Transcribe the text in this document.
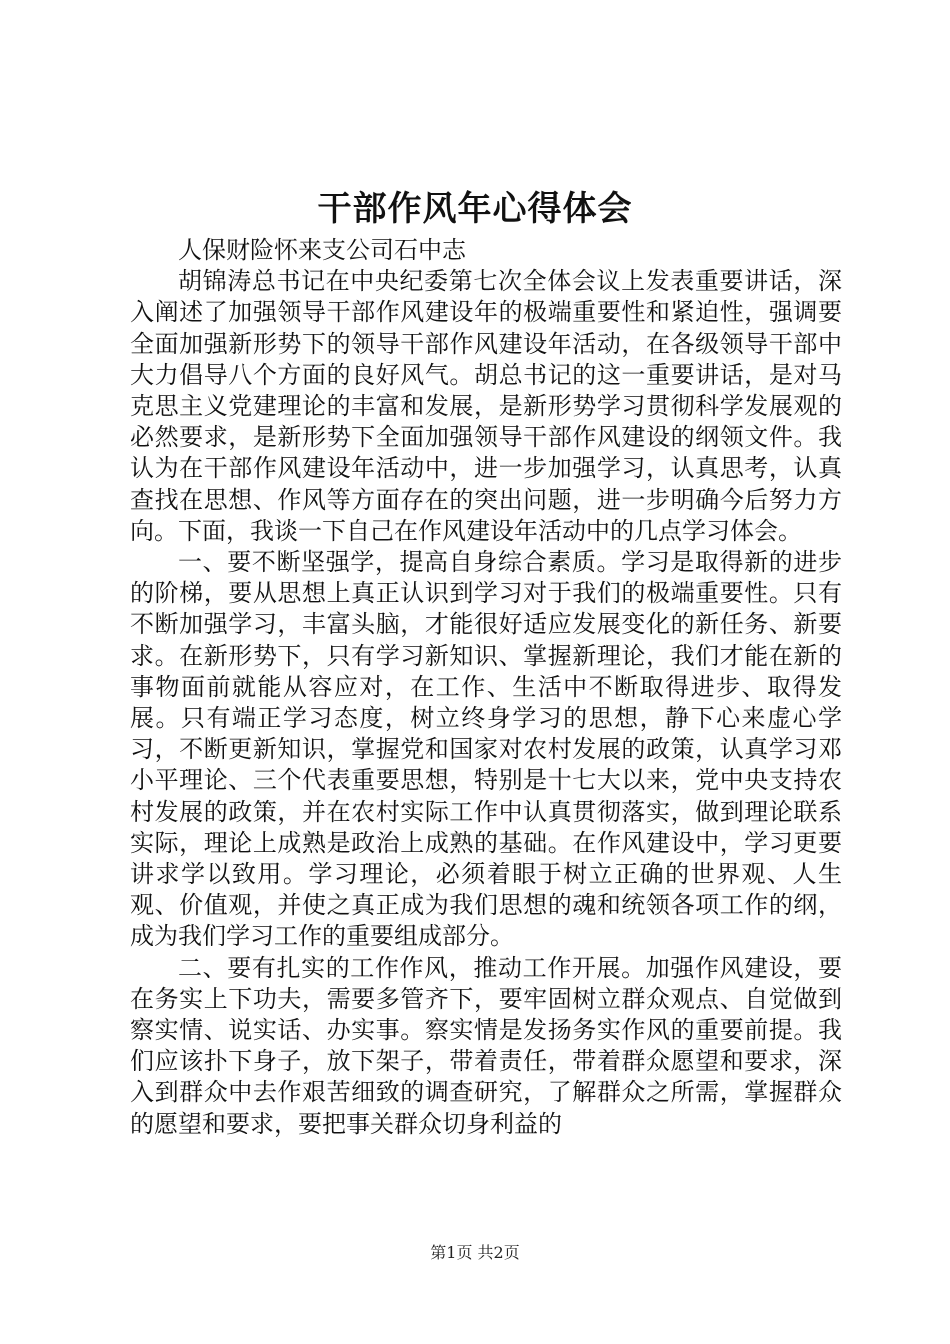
干部作风年心得体会

人保财险怀来支公司石中志

胡锦涛总书记在中央纪委第七次全体会议上发表重要讲话，深入阐述了加强领导干部作风建设年的极端重要性和紧迫性，强调要全面加强新形势下的领导干部作风建设年活动，在各级领导干部中大力倡导八个方面的良好风气。胡总书记的这一重要讲话，是对马克思主义党建理论的丰富和发展，是新形势学习贯彻科学发展观的必然要求，是新形势下全面加强领导干部作风建设的纲领文件。我认为在干部作风建设年活动中，进一步加强学习，认真思考，认真查找在思想、作风等方面存在的突出问题，进一步明确今后努力方向。下面，我谈一下自己在作风建设年活动中的几点学习体会。

一、要不断坚强学，提高自身综合素质。学习是取得新的进步的阶梯，要从思想上真正认识到学习对于我们的极端重要性。只有不断加强学习，丰富头脑，才能很好适应发展变化的新任务、新要求。在新形势下，只有学习新知识、掌握新理论，我们才能在新的事物面前就能从容应对，在工作、生活中不断取得进步、取得发展。只有端正学习态度，树立终身学习的思想，静下心来虚心学习，不断更新知识，掌握党和国家对农村发展的政策，认真学习邓小平理论、三个代表重要思想，特别是十七大以来，党中央支持农村发展的政策，并在农村实际工作中认真贯彻落实，做到理论联系实际，理论上成熟是政治上成熟的基础。在作风建设中，学习更要讲求学以致用。学习理论，必须着眼于树立正确的世界观、人生观、价值观，并使之真正成为我们思想的魂和统领各项工作的纲，成为我们学习工作的重要组成部分。

二、要有扎实的工作作风，推动工作开展。加强作风建设，要在务实上下功夫，需要多管齐下，要牢固树立群众观点、自觉做到察实情、说实话、办实事。察实情是发扬务实作风的重要前提。我们应该扑下身子，放下架子，带着责任，带着群众愿望和要求，深入到群众中去作艰苦细致的调查研究，了解群众之所需，掌握群众的愿望和要求，要把事关群众切身利益的

第1页 共2页
